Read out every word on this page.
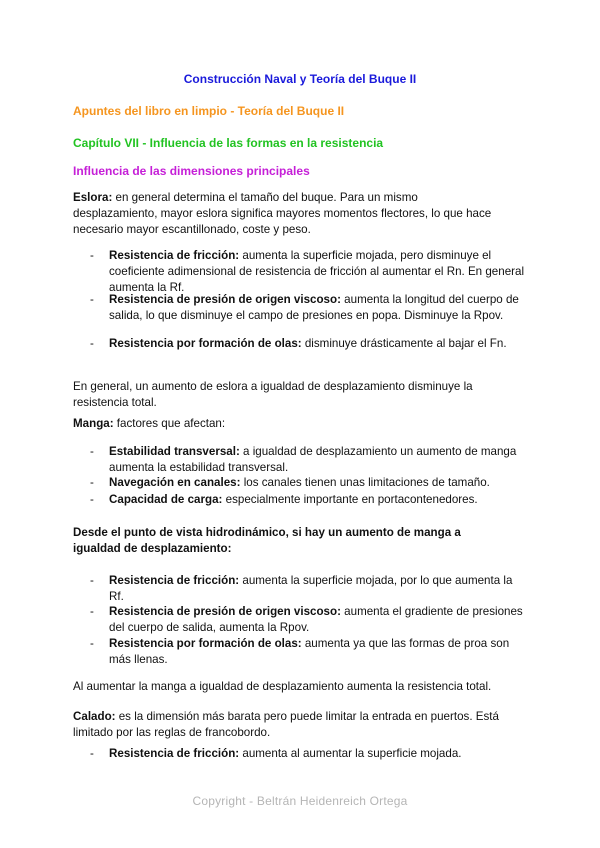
Construcción Naval y Teoría del Buque II
Apuntes del libro en limpio - Teoría del Buque II
Capítulo VII - Influencia de las formas en la resistencia
Influencia de las dimensiones principales
Eslora: en general determina el tamaño del buque. Para un mismo
desplazamiento, mayor eslora significa mayores momentos flectores, lo que hace
necesario mayor escantillonado, coste y peso.
- Resistencia de fricción: aumenta la superficie mojada, pero disminuye el coeficiente adimensional de resistencia de fricción al aumentar el Rn. En general aumenta la Rf.
- Resistencia de presión de origen viscoso: aumenta la longitud del cuerpo de salida, lo que disminuye el campo de presiones en popa. Disminuye la Rpov.
- Resistencia por formación de olas: disminuye drásticamente al bajar el Fn.
En general, un aumento de eslora a igualdad de desplazamiento disminuye la
resistencia total.
Manga: factores que afectan:
- Estabilidad transversal: a igualdad de desplazamiento un aumento de manga aumenta la estabilidad transversal.
- Navegación en canales: los canales tienen unas limitaciones de tamaño.
- Capacidad de carga: especialmente importante en portacontenedores.
Desde el punto de vista hidrodinámico, si hay un aumento de manga a
igualdad de desplazamiento:
- Resistencia de fricción: aumenta la superficie mojada, por lo que aumenta la Rf.
- Resistencia de presión de origen viscoso: aumenta el gradiente de presiones del cuerpo de salida, aumenta la Rpov.
- Resistencia por formación de olas: aumenta ya que las formas de proa son más llenas.
Al aumentar la manga a igualdad de desplazamiento aumenta la resistencia total.
Calado: es la dimensión más barata pero puede limitar la entrada en puertos. Está
limitado por las reglas de francobordo.
- Resistencia de fricción: aumenta al aumentar la superficie mojada.
Copyright - Beltrán Heidenreich Ortega
